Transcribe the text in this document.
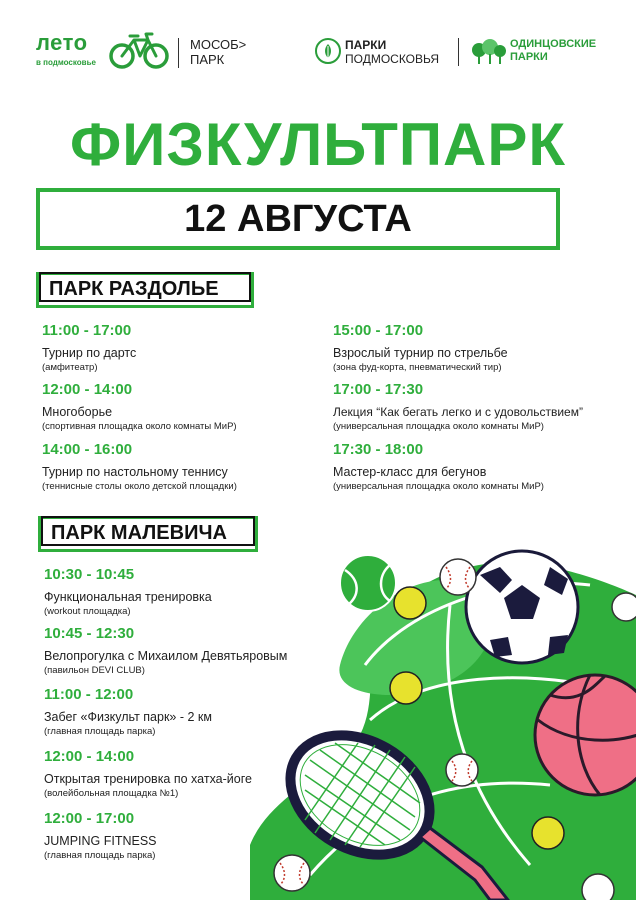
лето
в подмосковье
МОСОБ>
ПАРК
ПАРКИ
ПОДМОСКОВЬЯ
ОДИНЦОВСКИЕ
ПАРКИ
ФИЗКУЛЬТПАРК
12 АВГУСТА
ПАРК РАЗДОЛЬЕ
11:00 - 17:00
Турнир по дартс
(амфитеатр)
12:00 - 14:00
Многоборье
(спортивная площадка около комнаты МиР)
14:00 - 16:00
Турнир по настольному теннису
(теннисные столы около детской площадки)
15:00 - 17:00
Взрослый турнир по стрельбе
(зона фуд-корта, пневматический тир)
17:00 - 17:30
Лекция “Как бегать легко и с удовольствием”
(универсальная площадка около комнаты МиР)
17:30 - 18:00
Мастер-класс для бегунов
(универсальная площадка около комнаты МиР)
ПАРК МАЛЕВИЧА
10:30 - 10:45
Функциональная тренировка
(workout площадка)
10:45 - 12:30
Велопрогулка с Михаилом Девятьяровым
(павильон DEVI CLUB)
11:00 - 12:00
Забег «Физкульт парк» - 2 км
(главная площадь парка)
12:00 - 14:00
Открытая тренировка по хатха-йоге
(волейбольная площадка №1)
12:00 - 17:00
JUMPING FITNESS
(главная площадь парка)
